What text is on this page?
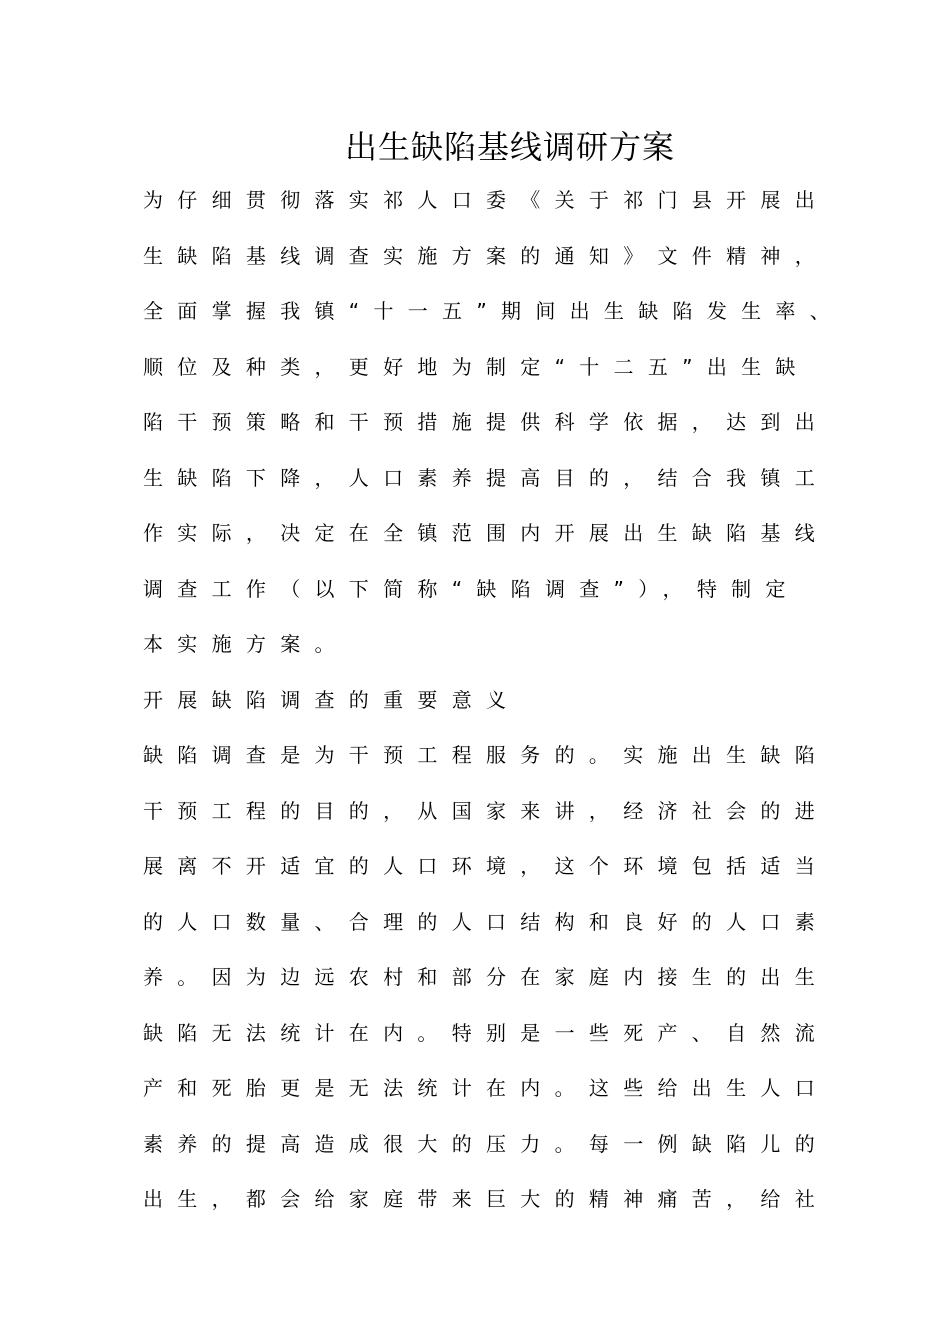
出生缺陷基线调研方案
为仔细贯彻落实祁人口委《关于祁门县开展出
生缺陷基线调查实施方案的通知》文件精神，
全面掌握我镇“十一五”期间出生缺陷发生率、
顺位及种类，更好地为制定“十二五”出生缺
陷干预策略和干预措施提供科学依据，达到出
生缺陷下降，人口素养提高目的，结合我镇工
作实际，决定在全镇范围内开展出生缺陷基线
调查工作（以下简称“缺陷调查”），特制定
本实施方案。
开展缺陷调查的重要意义
缺陷调查是为干预工程服务的。实施出生缺陷
干预工程的目的，从国家来讲，经济社会的进
展离不开适宜的人口环境，这个环境包括适当
的人口数量、合理的人口结构和良好的人口素
养。因为边远农村和部分在家庭内接生的出生
缺陷无法统计在内。特别是一些死产、自然流
产和死胎更是无法统计在内。这些给出生人口
素养的提高造成很大的压力。每一例缺陷儿的
出生，都会给家庭带来巨大的精神痛苦，给社
